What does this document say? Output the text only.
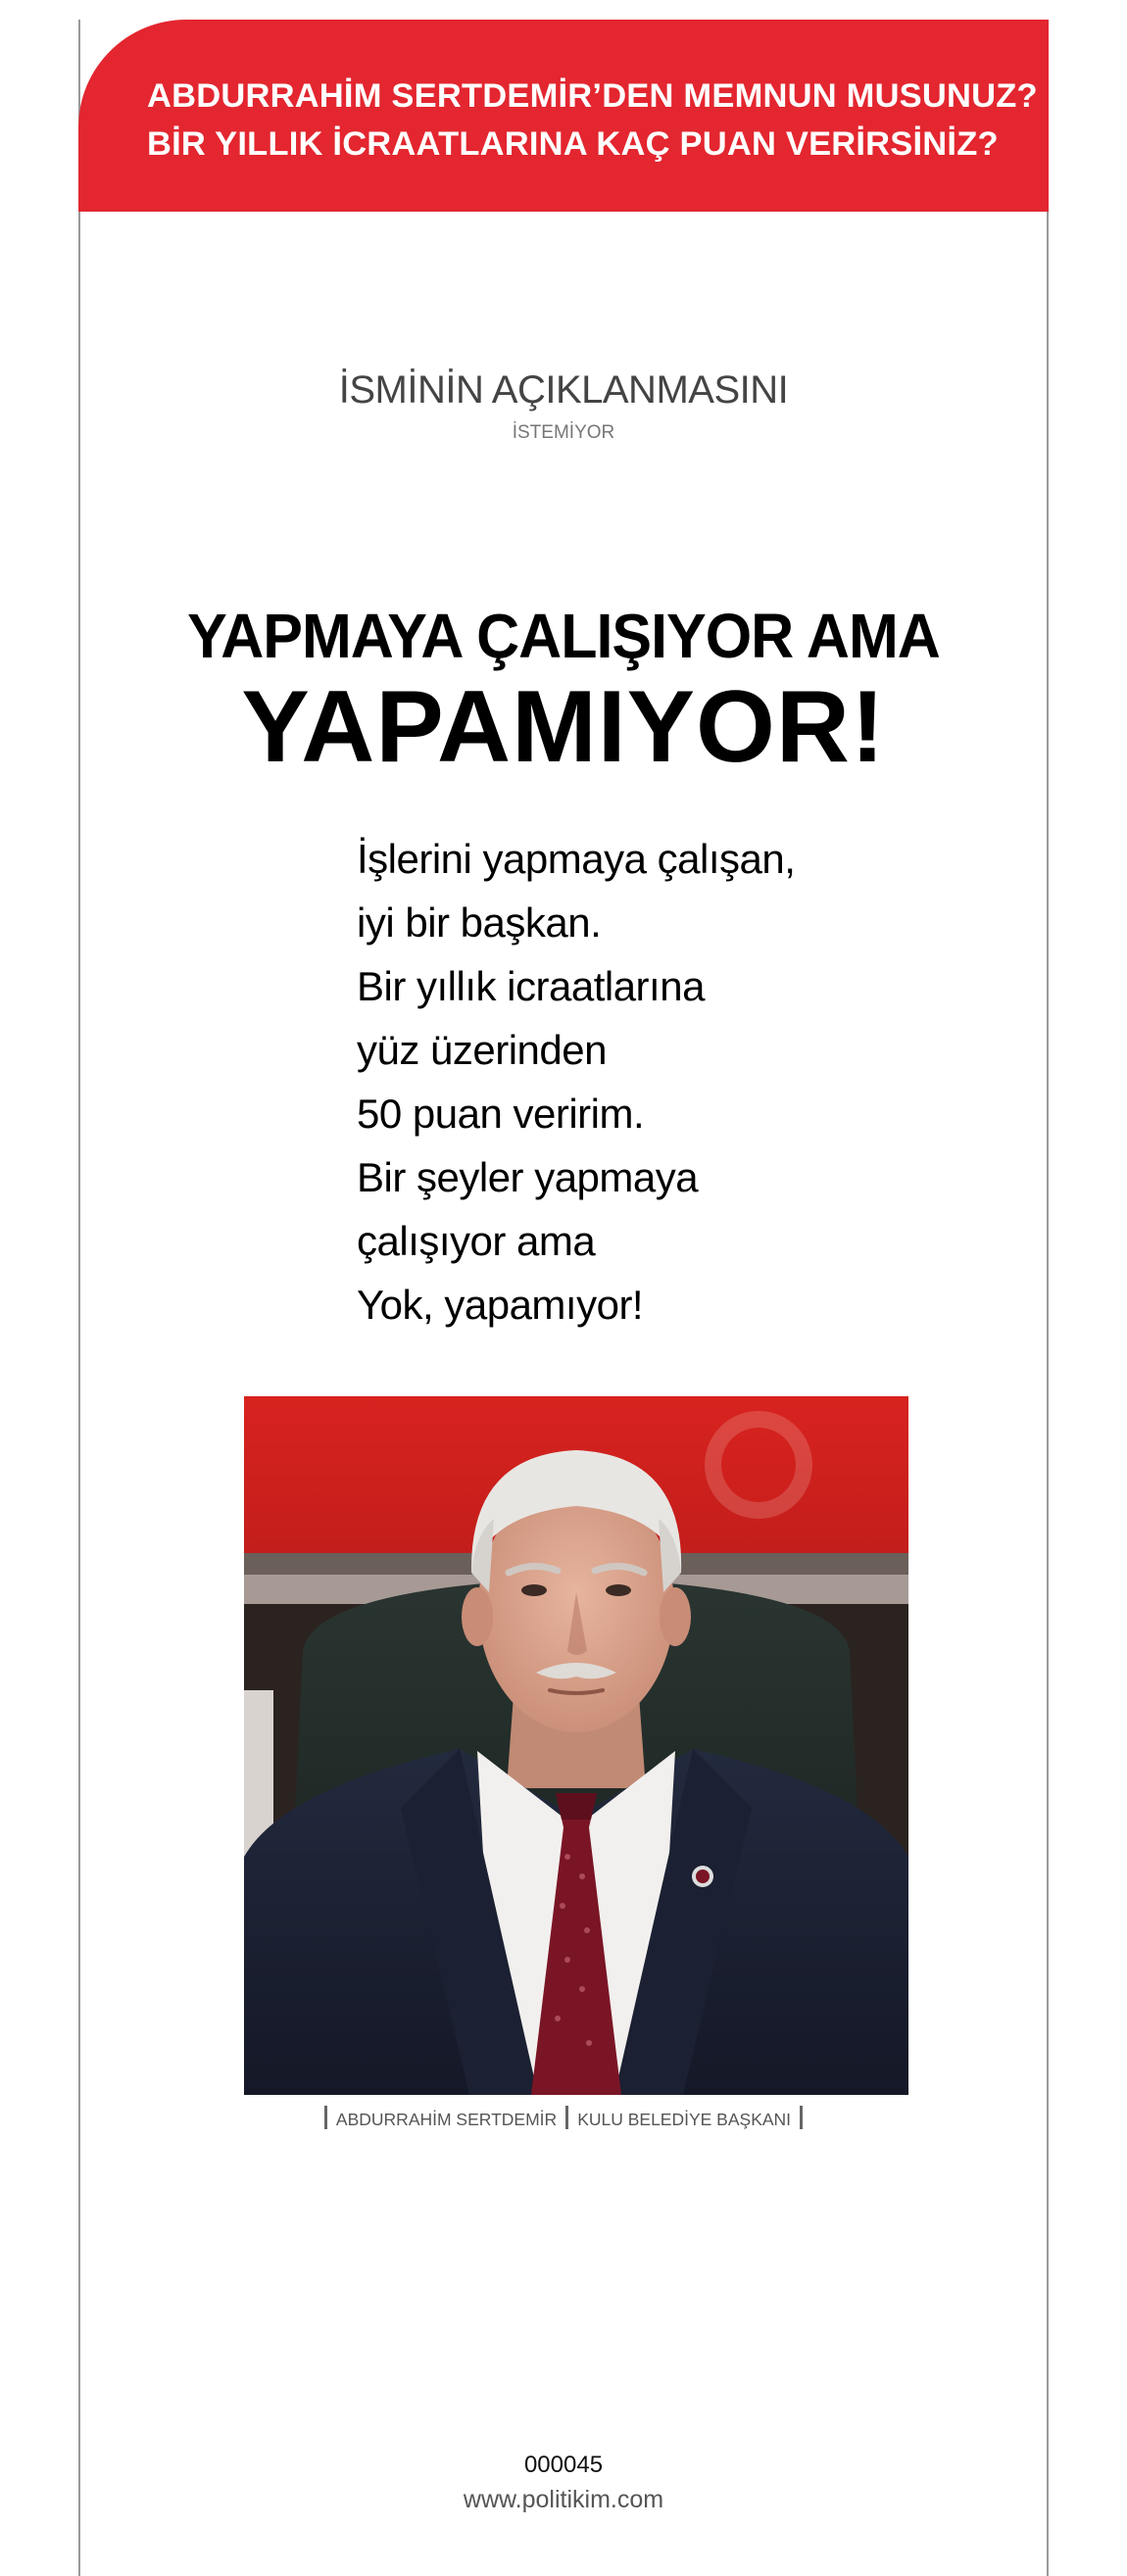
ABDURRAHİM SERTDEMİR’DEN MEMNUN MUSUNUZ?
BİR YILLIK İCRAATLARINA KAÇ PUAN VERİRSİNİZ?
İSMİNİN AÇIKLANMASINI
İSTEMİYOR
YAPMAYA ÇALIŞIYOR AMA
YAPAMIYOR!
İşlerini yapmaya çalışan,
iyi bir başkan.
Bir yıllık icraatlarına
yüz üzerinden
50 puan veririm.
Bir şeyler yapmaya
çalışıyor ama
Yok, yapamıyor!
ABDURRAHİM SERTDEMİR KULU BELEDİYE BAŞKANI
000045
www.politikim.com
